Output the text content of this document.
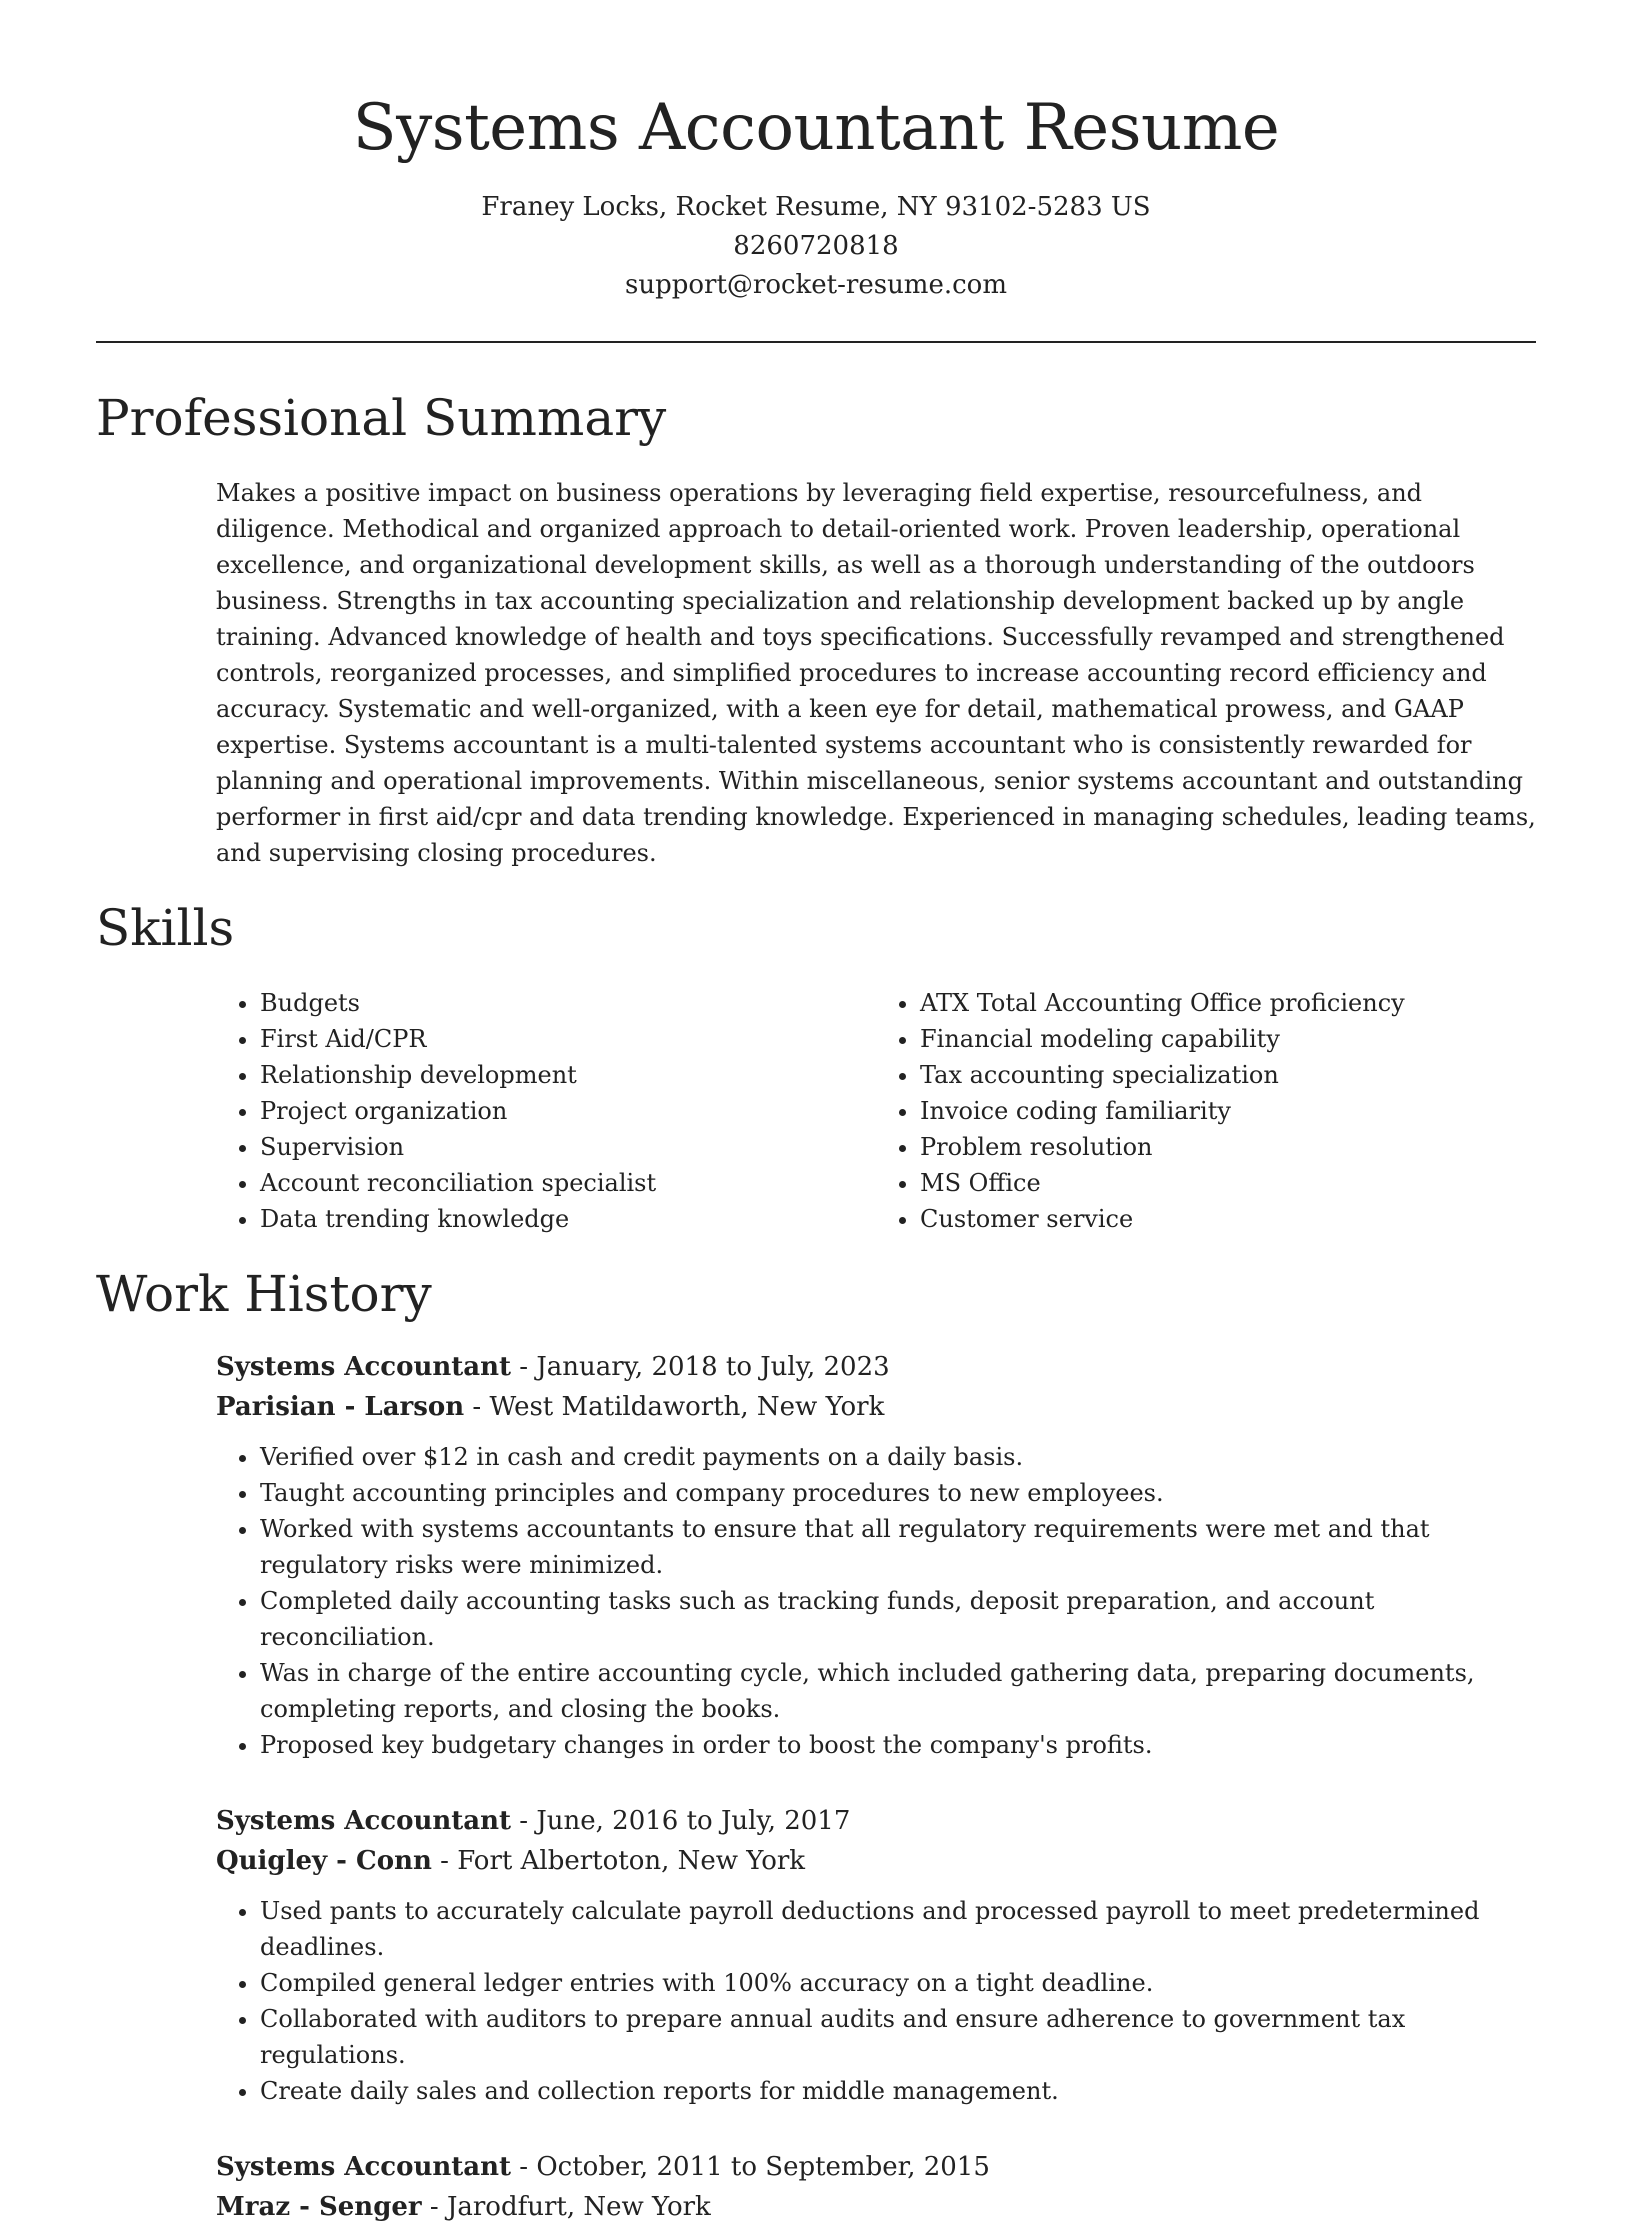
Systems Accountant Resume
Franey Locks, Rocket Resume, NY 93102-5283 US
8260720818
support@rocket-resume.com
Professional Summary
Makes a positive impact on business operations by leveraging field expertise, resourcefulness, and diligence. Methodical and organized approach to detail-oriented work. Proven leadership, operational excellence, and organizational development skills, as well as a thorough understanding of the outdoors business. Strengths in tax accounting specialization and relationship development backed up by angle training. Advanced knowledge of health and toys specifications. Successfully revamped and strengthened controls, reorganized processes, and simplified procedures to increase accounting record efficiency and accuracy. Systematic and well-organized, with a keen eye for detail, mathematical prowess, and GAAP expertise. Systems accountant is a multi-talented systems accountant who is consistently rewarded for planning and operational improvements. Within miscellaneous, senior systems accountant and outstanding performer in first aid/cpr and data trending knowledge. Experienced in managing schedules, leading teams, and supervising closing procedures.
Skills
• Budgets
• First Aid/CPR
• Relationship development
• Project organization
• Supervision
• Account reconciliation specialist
• Data trending knowledge
• ATX Total Accounting Office proficiency
• Financial modeling capability
• Tax accounting specialization
• Invoice coding familiarity
• Problem resolution
• MS Office
• Customer service
Work History
Systems Accountant - January, 2018 to July, 2023
Parisian - Larson - West Matildaworth, New York
• Verified over $12 in cash and credit payments on a daily basis.
• Taught accounting principles and company procedures to new employees.
• Worked with systems accountants to ensure that all regulatory requirements were met and that regulatory risks were minimized.
• Completed daily accounting tasks such as tracking funds, deposit preparation, and account reconciliation.
• Was in charge of the entire accounting cycle, which included gathering data, preparing documents, completing reports, and closing the books.
• Proposed key budgetary changes in order to boost the company's profits.
Systems Accountant - June, 2016 to July, 2017
Quigley - Conn - Fort Albertoton, New York
• Used pants to accurately calculate payroll deductions and processed payroll to meet predetermined deadlines.
• Compiled general ledger entries with 100% accuracy on a tight deadline.
• Collaborated with auditors to prepare annual audits and ensure adherence to government tax regulations.
• Create daily sales and collection reports for middle management.
Systems Accountant - October, 2011 to September, 2015
Mraz - Senger - Jarodfurt, New York
